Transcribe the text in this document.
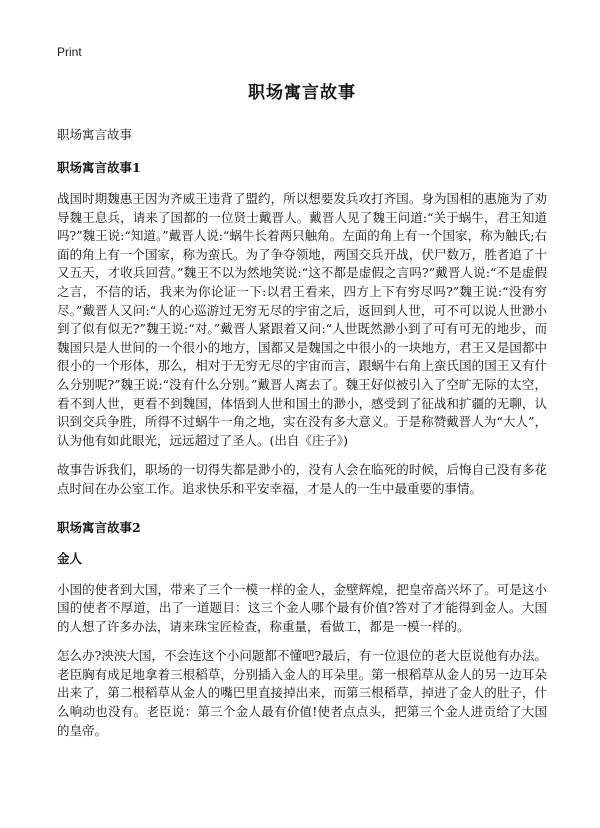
Print
职场寓言故事
职场寓言故事
职场寓言故事1

战国时期魏惠王因为齐威王违背了盟约，所以想要发兵攻打齐国。身为国相的惠施为了劝导魏王息兵，请来了国都的一位贤士戴晋人。戴晋人见了魏王问道:“关于蜗牛，君王知道吗?”魏王说:“知道。”戴晋人说:“蜗牛长着两只触角。左面的角上有一个国家，称为触氏;右面的角上有一个国家，称为蛮氏。为了争夺领地，两国交兵开战，伏尸数万，胜者追了十又五天，才收兵回营。”魏王不以为然地笑说:“这不都是虚假之言吗?”戴晋人说:“不是虚假之言，不信的话，我来为你论证一下:以君王看来，四方上下有穷尽吗?”魏王说:“没有穷尽。”戴晋人又问:“人的心巡游过无穷无尽的宇宙之后，返回到人世，可不可以说人世渺小到了似有似无?”魏王说:“对。”戴晋人紧跟着又问:“人世既然渺小到了可有可无的地步，而魏国只是人世间的一个很小的地方，国都又是魏国之中很小的一块地方，君王又是国都中很小的一个形体，那么，相对于无穷无尽的宇宙而言，跟蜗牛右角上蛮氏国的国王又有什么分别呢?”魏王说:“没有什么分别。”戴晋人离去了。魏王好似被引入了空旷无际的太空，看不到人世，更看不到魏国，体悟到人世和国土的渺小，感受到了征战和扩疆的无聊，认识到交兵争胜，所得不过蜗牛一角之地，实在没有多大意义。于是称赞戴晋人为“大人”，认为他有如此眼光，远远超过了圣人。(出自《庄子》)

故事告诉我们，职场的一切得失都是渺小的，没有人会在临死的时候，后悔自己没有多花点时间在办公室工作。追求快乐和平安幸福，才是人的一生中最重要的事情。

职场寓言故事2
金人

小国的使者到大国，带来了三个一模一样的金人，金壁辉煌，把皇帝高兴坏了。可是这小国的使者不厚道，出了一道题目：这三个金人哪个最有价值?答对了才能得到金人。大国的人想了许多办法，请来珠宝匠检查，称重量，看做工，都是一模一样的。

怎么办?泱泱大国，不会连这个小问题都不懂吧?最后，有一位退位的老大臣说他有办法。老臣胸有成足地拿着三根稻草，分别插入金人的耳朵里。第一根稻草从金人的另一边耳朵出来了，第二根稻草从金人的嘴巴里直接掉出来，而第三根稻草，掉进了金人的肚子，什么响动也没有。老臣说：第三个金人最有价值!使者点点头，把第三个金人进贡给了大国的皇帝。
